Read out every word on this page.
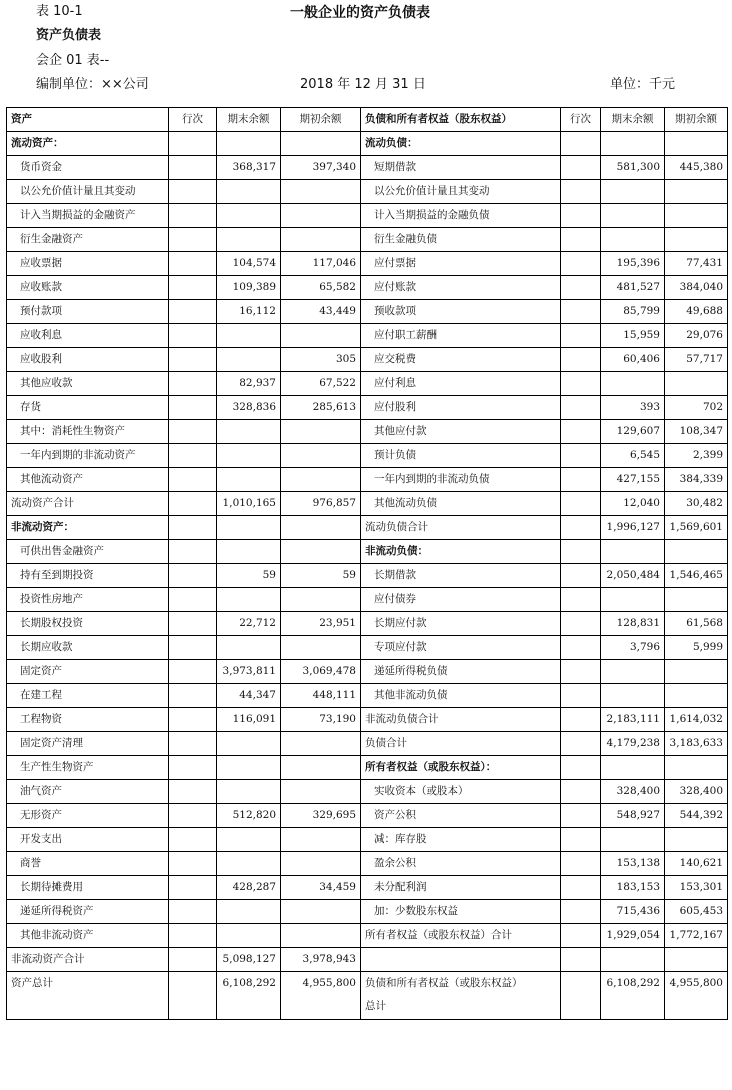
表 10-1	一般企业的资产负债表
资产负债表
会企 01 表--
编制单位：××公司	2018 年 12 月 31 日	单位：千元
资产	行次	期末余额	期初余额	负债和所有者权益（股东权益）	行次	期末余额	期初余额
流动资产：				流动负债：			
货币资金		368,317	397,340	短期借款		581,300	445,380
以公允价值计量且其变动				以公允价值计量且其变动			
计入当期损益的金融资产				计入当期损益的金融负债			
衍生金融资产				衍生金融负债			
应收票据		104,574	117,046	应付票据		195,396	77,431
应收账款		109,389	65,582	应付账款		481,527	384,040
预付款项		16,112	43,449	预收款项		85,799	49,688
应收利息				应付职工薪酬		15,959	29,076
应收股利			305	应交税费		60,406	57,717
其他应收款		82,937	67,522	应付利息			
存货		328,836	285,613	应付股利		393	702
其中：消耗性生物资产				其他应付款		129,607	108,347
一年内到期的非流动资产				预计负债		6,545	2,399
其他流动资产				一年内到期的非流动负债		427,155	384,339
流动资产合计		1,010,165	976,857	其他流动负债		12,040	30,482
非流动资产：				流动负债合计		1,996,127	1,569,601
可供出售金融资产				非流动负债：			
持有至到期投资		59	59	长期借款		2,050,484	1,546,465
投资性房地产				应付债券			
长期股权投资		22,712	23,951	长期应付款		128,831	61,568
长期应收款				专项应付款		3,796	5,999
固定资产		3,973,811	3,069,478	递延所得税负债			
在建工程		44,347	448,111	其他非流动负债			
工程物资		116,091	73,190	非流动负债合计		2,183,111	1,614,032
固定资产清理				负债合计		4,179,238	3,183,633
生产性生物资产				所有者权益（或股东权益）：			
油气资产				实收资本（或股本）		328,400	328,400
无形资产		512,820	329,695	资产公积		548,927	544,392
开发支出				减：库存股			
商誉				盈余公积		153,138	140,621
长期待摊费用		428,287	34,459	未分配利润		183,153	153,301
递延所得税资产				加：少数股东权益		715,436	605,453
其他非流动资产				所有者权益（或股东权益）合计		1,929,054	1,772,167
非流动资产合计		5,098,127	3,978,943				
资产总计		6,108,292	4,955,800	负债和所有者权益（或股东权益）		6,108,292	4,955,800
				总计			
